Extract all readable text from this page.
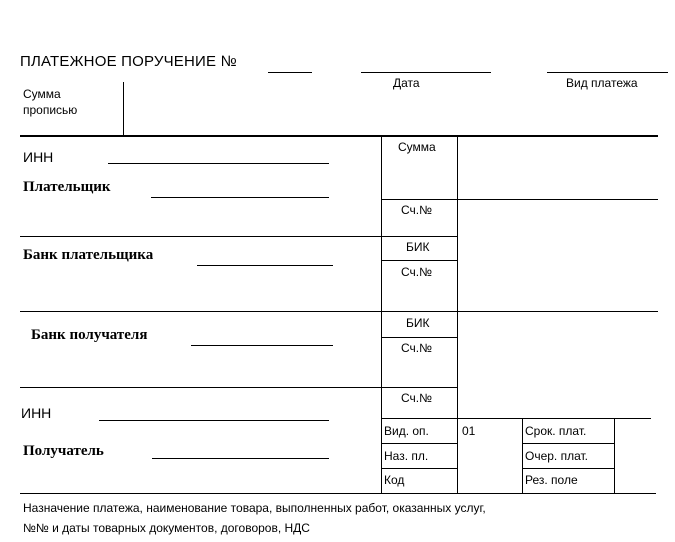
ПЛАТЕЖНОЕ ПОРУЧЕНИЕ №
Дата	Вид платежа
Сумма
прописью
Сумма
Сч.№
БИК
Сч.№
БИК
Сч.№
Сч.№
Вид. оп.	01
Наз. пл.
Код
Срок. плат.
Очер. плат.
Рез. поле
ИНН
Плательщик
Банк плательщика
Банк получателя
ИНН
Получатель
Назначение платежа, наименование товара, выполненных работ, оказанных услуг,
№№ и даты товарных документов, договоров, НДС
